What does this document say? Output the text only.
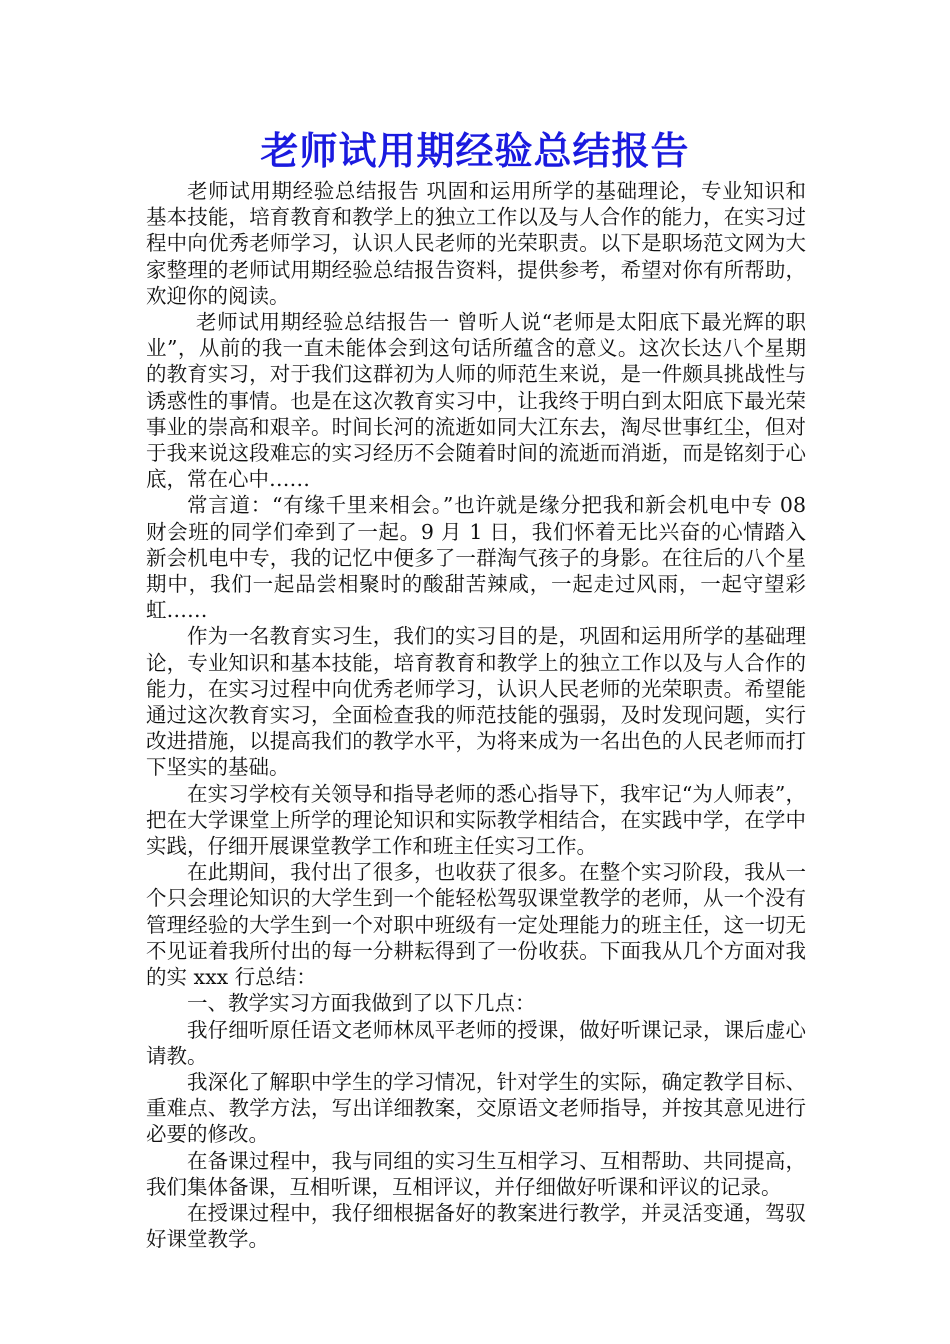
老师试用期经验总结报告

老师试用期经验总结报告 巩固和运用所学的基础理论，专业知识和基本技能，培育教育和教学上的独立工作以及与人合作的能力，在实习过程中向优秀老师学习，认识人民老师的光荣职责。以下是职场范文网为大家整理的老师试用期经验总结报告资料，提供参考，希望对你有所帮助，欢迎你的阅读。

老师试用期经验总结报告一 曾听人说“老师是太阳底下最光辉的职业”，从前的我一直未能体会到这句话所蕴含的意义。这次长达八个星期的教育实习，对于我们这群初为人师的师范生来说，是一件颇具挑战性与诱惑性的事情。也是在这次教育实习中，让我终于明白到太阳底下最光荣事业的崇高和艰辛。时间长河的流逝如同大江东去，淘尽世事红尘，但对于我来说这段难忘的实习经历不会随着时间的流逝而消逝，而是铭刻于心底，常在心中……

常言道：“有缘千里来相会。”也许就是缘分把我和新会机电中专 08 财会班的同学们牵到了一起。9 月 1 日，我们怀着无比兴奋的心情踏入新会机电中专，我的记忆中便多了一群淘气孩子的身影。在往后的八个星期中，我们一起品尝相聚时的酸甜苦辣咸，一起走过风雨，一起守望彩虹……

作为一名教育实习生，我们的实习目的是，巩固和运用所学的基础理论，专业知识和基本技能，培育教育和教学上的独立工作以及与人合作的能力，在实习过程中向优秀老师学习，认识人民老师的光荣职责。希望能通过这次教育实习，全面检查我的师范技能的强弱，及时发现问题，实行改进措施，以提高我们的教学水平，为将来成为一名出色的人民老师而打下坚实的基础。

在实习学校有关领导和指导老师的悉心指导下，我牢记“为人师表”，把在大学课堂上所学的理论知识和实际教学相结合，在实践中学，在学中实践，仔细开展课堂教学工作和班主任实习工作。

在此期间，我付出了很多，也收获了很多。在整个实习阶段，我从一个只会理论知识的大学生到一个能轻松驾驭课堂教学的老师，从一个没有管理经验的大学生到一个对职中班级有一定处理能力的班主任，这一切无不见证着我所付出的每一分耕耘得到了一份收获。下面我从几个方面对我的实 xxx 行总结：

一、教学实习方面我做到了以下几点：

我仔细听原任语文老师林凤平老师的授课，做好听课记录，课后虚心请教。

我深化了解职中学生的学习情况，针对学生的实际，确定教学目标、重难点、教学方法，写出详细教案，交原语文老师指导，并按其意见进行必要的修改。

在备课过程中，我与同组的实习生互相学习、互相帮助、共同提高，我们集体备课，互相听课，互相评议，并仔细做好听课和评议的记录。

在授课过程中，我仔细根据备好的教案进行教学，并灵活变通，驾驭好课堂教学。
